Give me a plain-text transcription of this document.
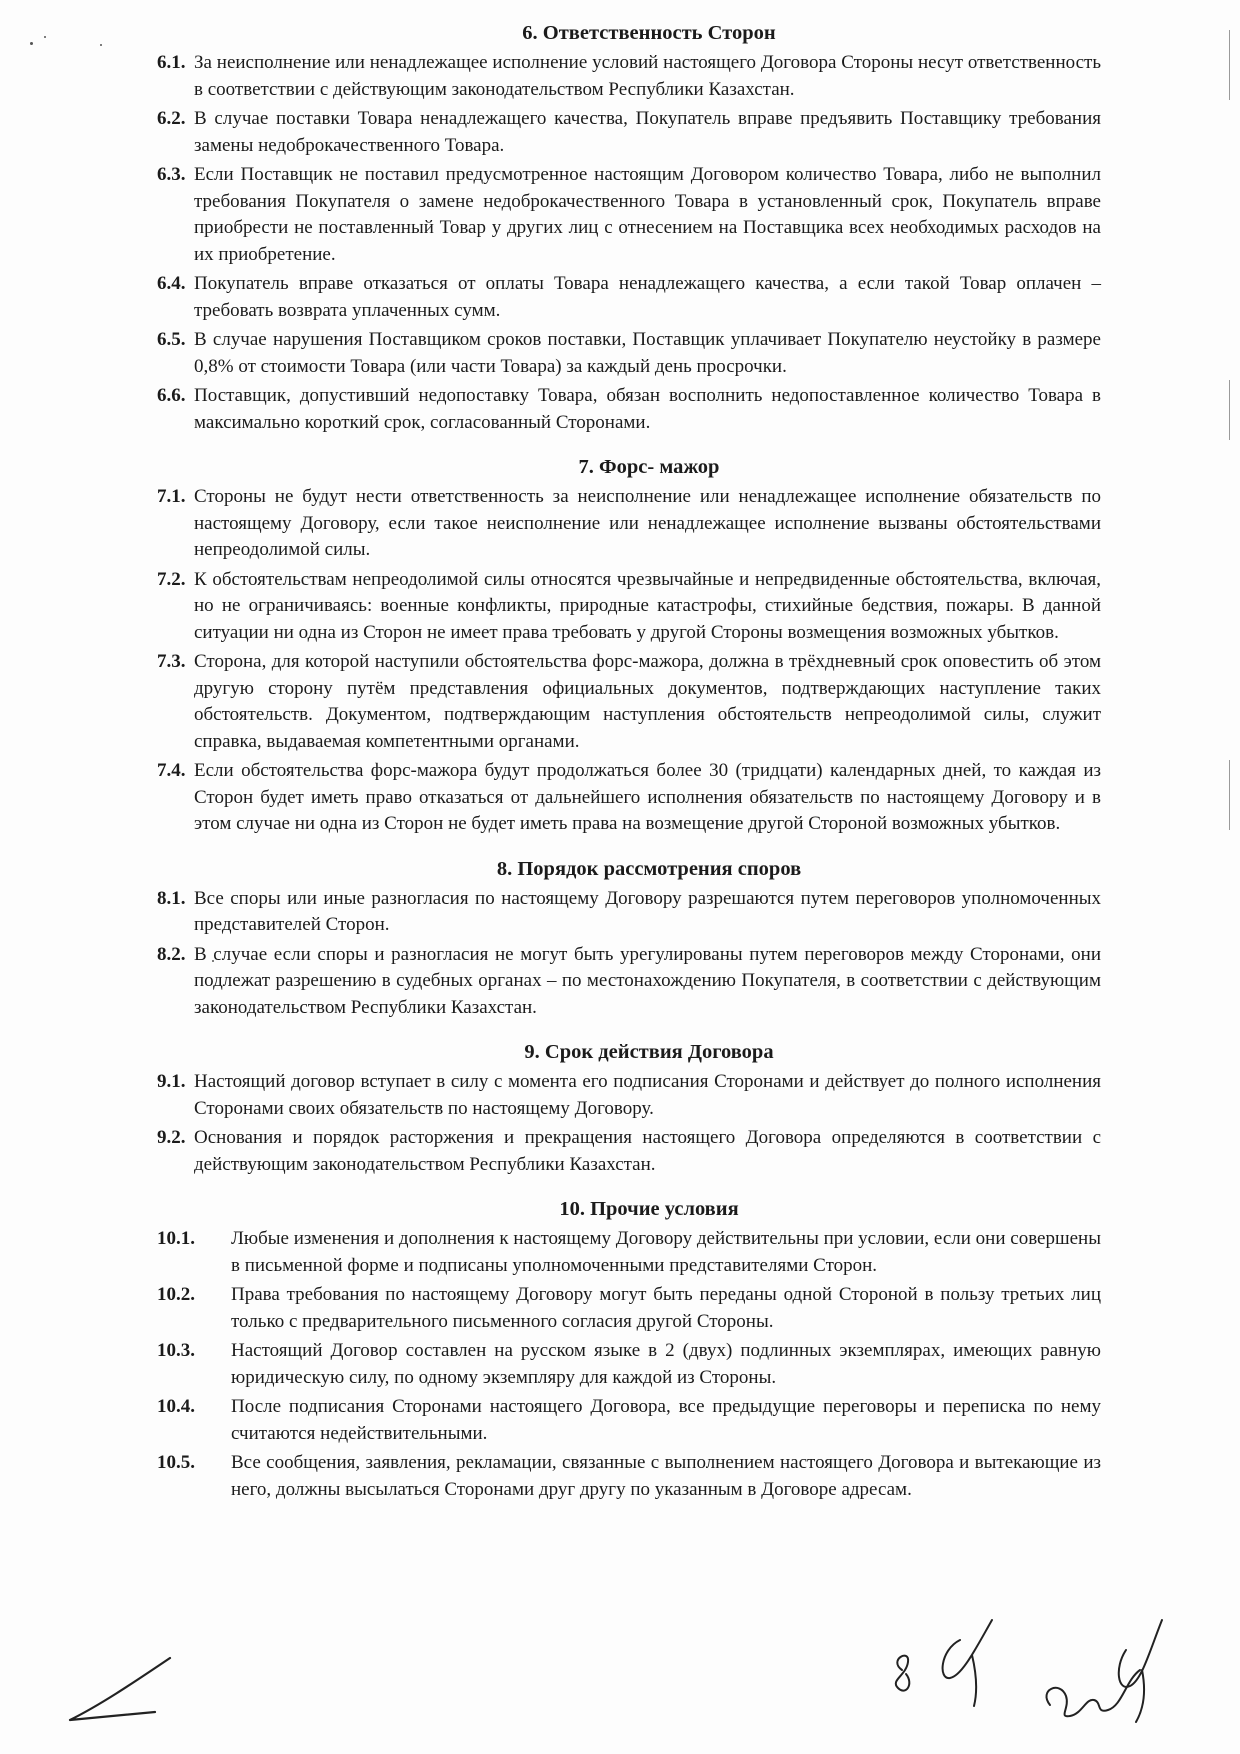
6. Ответственность Сторон
6.1. За неисполнение или ненадлежащее исполнение условий настоящего Договора Стороны несут ответственность в соответствии с действующим законодательством Республики Казахстан.
6.2. В случае поставки Товара ненадлежащего качества, Покупатель вправе предъявить Поставщику требования замены недоброкачественного Товара.
6.3. Если Поставщик не поставил предусмотренное настоящим Договором количество Товара, либо не выполнил требования Покупателя о замене недоброкачественного Товара в установленный срок, Покупатель вправе приобрести не поставленный Товар у других лиц с отнесением на Поставщика всех необходимых расходов на их приобретение.
6.4. Покупатель вправе отказаться от оплаты Товара ненадлежащего качества, а если такой Товар оплачен – требовать возврата уплаченных сумм.
6.5. В случае нарушения Поставщиком сроков поставки, Поставщик уплачивает Покупателю неустойку в размере 0,8% от стоимости Товара (или части Товара) за каждый день просрочки.
6.6. Поставщик, допустивший недопоставку Товара, обязан восполнить недопоставленное количество Товара в максимально короткий срок, согласованный Сторонами.
7. Форс- мажор
7.1. Стороны не будут нести ответственность за неисполнение или ненадлежащее исполнение обязательств по настоящему Договору, если такое неисполнение или ненадлежащее исполнение вызваны обстоятельствами непреодолимой силы.
7.2. К обстоятельствам непреодолимой силы относятся чрезвычайные и непредвиденные обстоятельства, включая, но не ограничиваясь: военные конфликты, природные катастрофы, стихийные бедствия, пожары. В данной ситуации ни одна из Сторон не имеет права требовать у другой Стороны возмещения возможных убытков.
7.3. Сторона, для которой наступили обстоятельства форс-мажора, должна в трёхдневный срок оповестить об этом другую сторону путём представления официальных документов, подтверждающих наступление таких обстоятельств. Документом, подтверждающим наступления обстоятельств непреодолимой силы, служит справка, выдаваемая компетентными органами.
7.4. Если обстоятельства форс-мажора будут продолжаться более 30 (тридцати) календарных дней, то каждая из Сторон будет иметь право отказаться от дальнейшего исполнения обязательств по настоящему Договору и в этом случае ни одна из Сторон не будет иметь права на возмещение другой Стороной возможных убытков.
8. Порядок рассмотрения споров
8.1. Все споры или иные разногласия по настоящему Договору разрешаются путем переговоров уполномоченных представителей Сторон.
8.2. В случае если споры и разногласия не могут быть урегулированы путем переговоров между Сторонами, они подлежат разрешению в судебных органах – по местонахождению Покупателя, в соответствии с действующим законодательством Республики Казахстан.
9. Срок действия Договора
9.1. Настоящий договор вступает в силу с момента его подписания Сторонами и действует до полного исполнения Сторонами своих обязательств по настоящему Договору.
9.2. Основания и порядок расторжения и прекращения настоящего Договора определяются в соответствии с действующим законодательством Республики Казахстан.
10. Прочие условия
10.1.	Любые изменения и дополнения к настоящему Договору действительны при условии, если они совершены в письменной форме и подписаны уполномоченными представителями Сторон.
10.2.	Права требования по настоящему Договору могут быть переданы одной Стороной в пользу третьих лиц только с предварительного письменного согласия другой Стороны.
10.3.	Настоящий Договор составлен на русском языке в 2 (двух) подлинных экземплярах, имеющих равную юридическую силу, по одному экземпляру для каждой из Стороны.
10.4.	После подписания Сторонами настоящего Договора, все предыдущие переговоры и переписка по нему считаются недействительными.
10.5.	Все сообщения, заявления, рекламации, связанные с выполнением настоящего Договора и вытекающие из него, должны высылаться Сторонами друг другу по указанным в Договоре адресам.
